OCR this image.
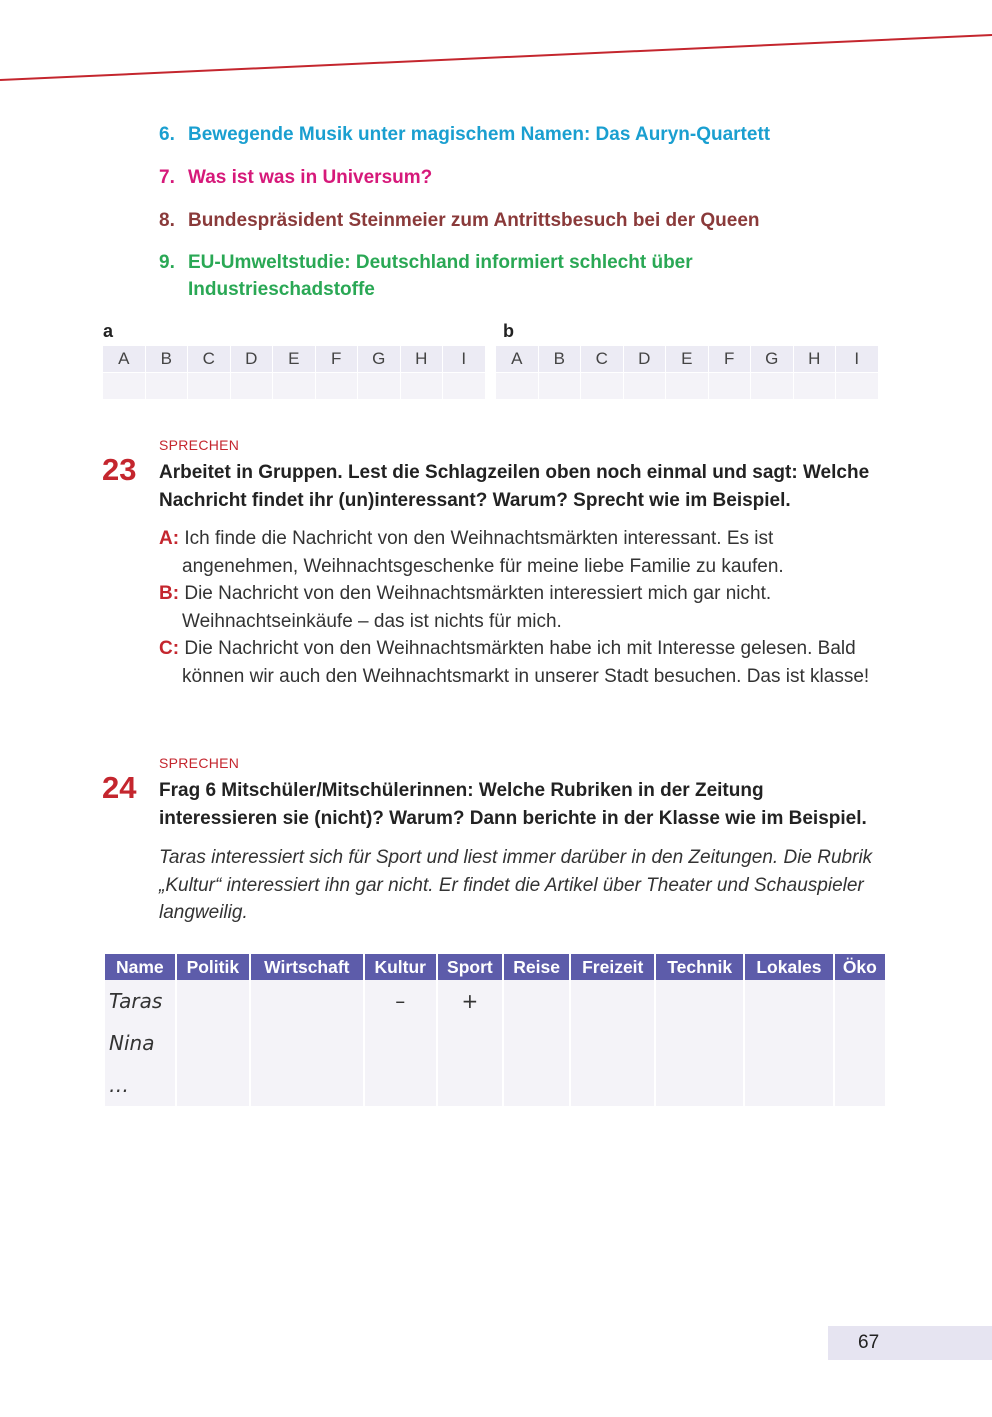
6. Bewegende Musik unter magischem Namen: Das Auryn-Quartett
7. Was ist was in Universum?
8. Bundespräsident Steinmeier zum Antrittsbesuch bei der Queen
9. EU-Umweltstudie: Deutschland informiert schlecht über Industrieschadstoffe
a
A	B	C	D	E	F	G	H	I
b
A	B	C	D	E	F	G	H	I
SPRECHEN
23 Arbeitet in Gruppen. Lest die Schlagzeilen oben noch einmal und sagt: Welche Nachricht findet ihr (un)interessant? Warum? Sprecht wie im Beispiel.

A: Ich finde die Nachricht von den Weihnachtsmärkten interessant. Es ist angenehmen, Weihnachtsgeschenke für meine liebe Familie zu kaufen.

B: Die Nachricht von den Weihnachtsmärkten interessiert mich gar nicht. Weihnachtseinkäufe – das ist nichts für mich.

C: Die Nachricht von den Weihnachtsmärkten habe ich mit Interesse gelesen. Bald können wir auch den Weihnachtsmarkt in unserer Stadt besuchen. Das ist klasse!

SPRECHEN
24 Frag 6 Mitschüler/Mitschülerinnen: Welche Rubriken in der Zeitung interessieren sie (nicht)? Warum? Dann berichte in der Klasse wie im Beispiel.
Taras interessiert sich für Sport und liest immer darüber in den Zeitungen. Die Rubrik „Kultur“ interessiert ihn gar nicht. Er findet die Artikel über Theater und Schauspieler langweilig.
Name	Politik	Wirtschaft	Kultur	Sport	Reise	Freizeit	Technik	Lokales	Öko
Taras			–	+					
Nina									
…									
67
